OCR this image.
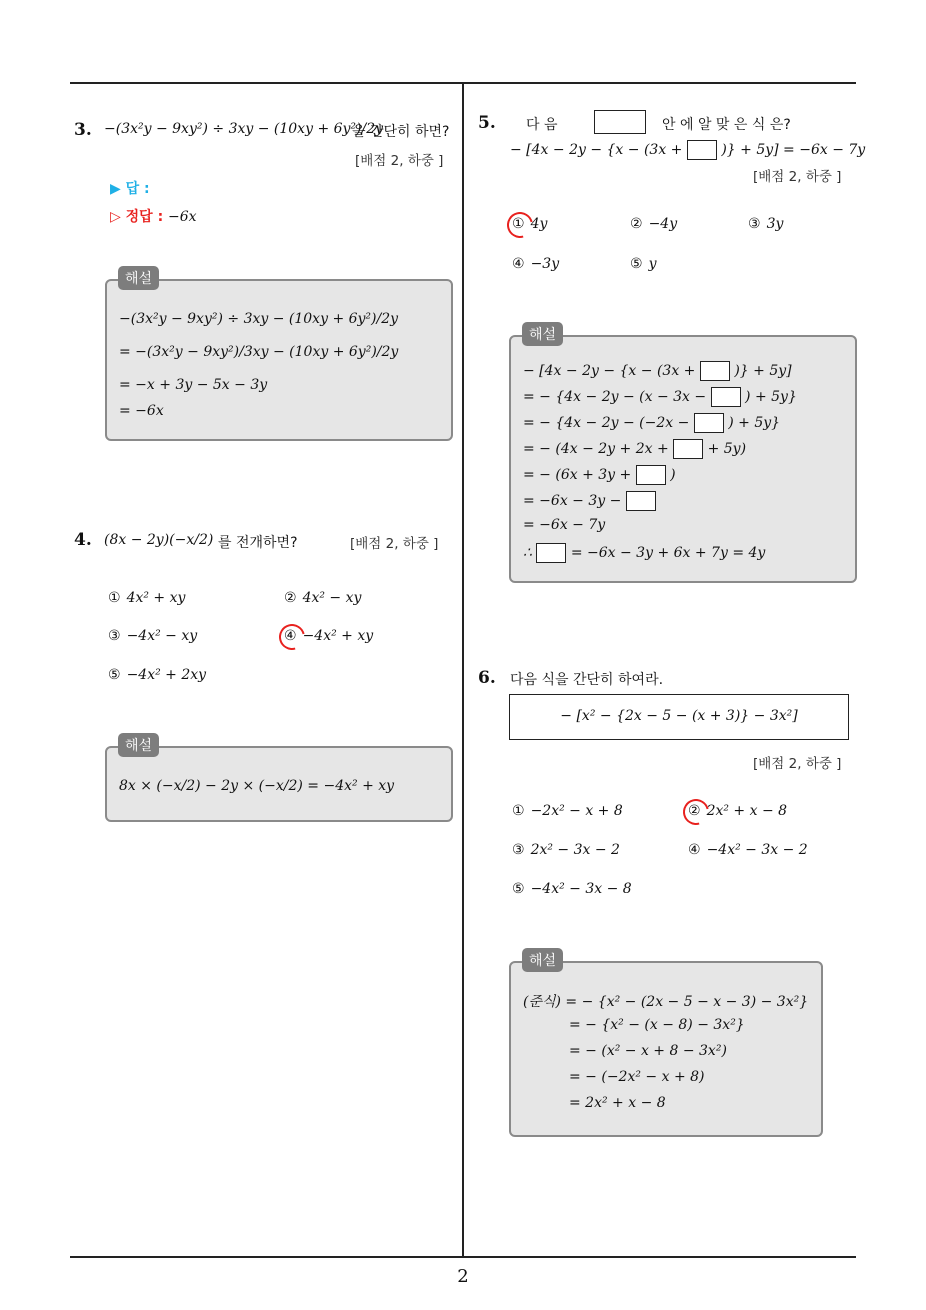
2
3. −(3x²y − 9xy²) ÷ 3xy − (10xy + 6y²)/2y
을 간단히 하면?
[배점 2, 하중 ]
▶ 답 :
▷ 정답 : −6x
−(3x²y − 9xy²) ÷ 3xy − (10xy + 6y²)/2y
= −(3x²y − 9xy²)/3xy − (10xy + 6y²)/2y
= −x + 3y − 5x − 3y
= −6x
해설
4. (8x − 2y)(−x/2) 를 전개하면?	[배점 2, 하중 ]
① 4x² + xy	② 4x² − xy
③ −4x² − xy	④ −4x² + xy
⑤ −4x² + 2xy
8x × (−x/2) − 2y × (−x/2) = −4x² + xy
해설
5. 다 음	안 에 알 맞 은 식 은?
− [4x − 2y − {x − (3x +	)} + 5y] = −6x − 7y
[배점 2, 하중 ]
① 4y	② −4y	③ 3y
④ −3y	⑤ y
− [4x − 2y − {x − (3x +	)} + 5y]
= − {4x − 2y − (x − 3x −	) + 5y}
= − {4x − 2y − (−2x −	) + 5y}
= − (4x − 2y + 2x +	+ 5y)
= − (6x + 3y +	)
= −6x − 3y −
= −6x − 7y
∴	= −6x − 3y + 6x + 7y = 4y
해설
6. 다음 식을 간단히 하여라.
− [x² − {2x − 5 − (x + 3)} − 3x²]
[배점 2, 하중 ]
① −2x² − x + 8	② 2x² + x − 8
③ 2x² − 3x − 2	④ −4x² − 3x − 2
⑤ −4x² − 3x − 8
(준식) = − {x² − (2x − 5 − x − 3) − 3x²}
= − {x² − (x − 8) − 3x²}
= − (x² − x + 8 − 3x²)
= − (−2x² − x + 8)
= 2x² + x − 8
해설
